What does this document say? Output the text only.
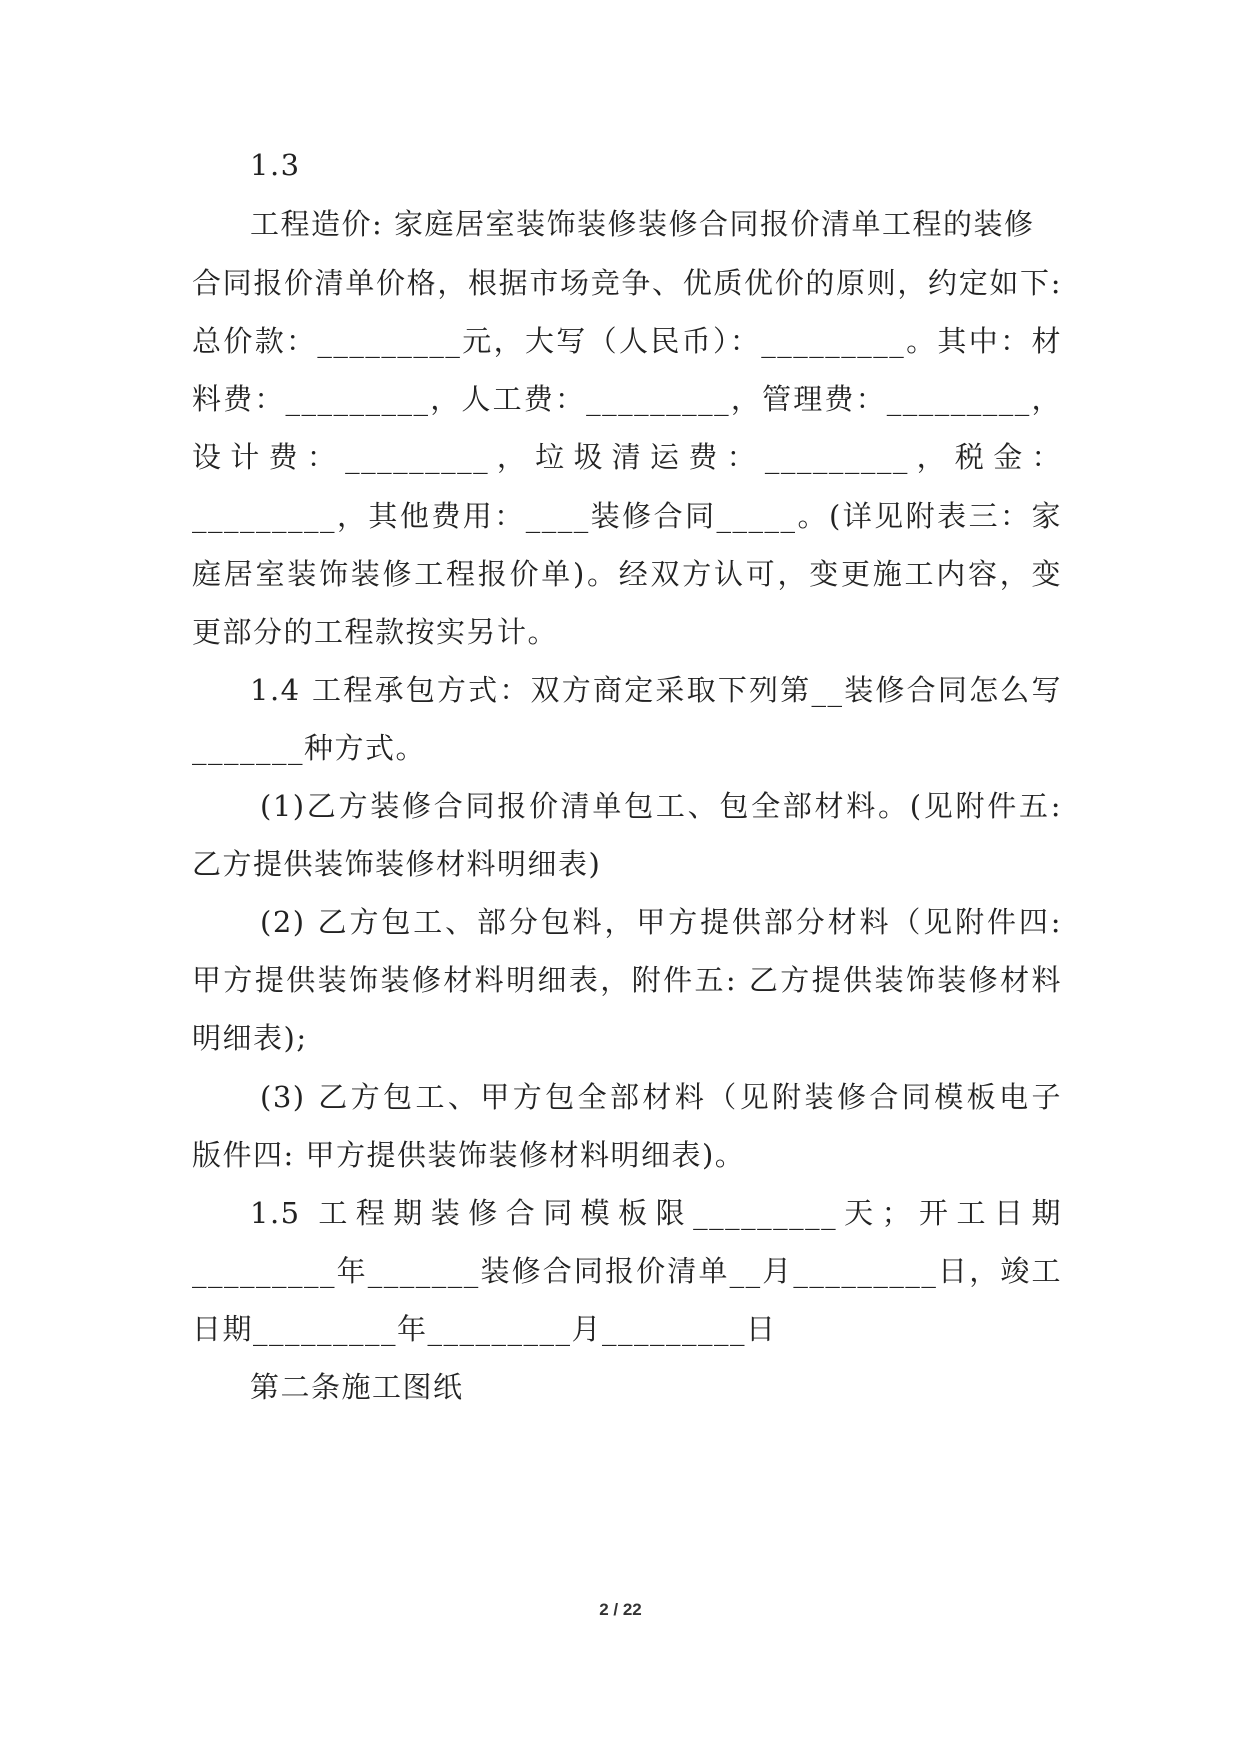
1.3
工程造价: 家庭居室装饰装修装修合同报价清单工程的装修
合同报价清单价格，根据市场竞争、优质优价的原则，约定如下:
总价款：_________元，大写（人民币）：_________。其中：材
料费：_________，人工费：_________，管理费：_________，
设计费：_________，垃圾清运费：_________，税金：
_________，其他费用：____装修合同_____。(详见附表三：家
庭居室装饰装修工程报价单)。经双方认可，变更施工内容，变
更部分的工程款按实另计。
1.4 工程承包方式：双方商定采取下列第__装修合同怎么写
_______种方式。
(1)乙方装修合同报价清单包工、包全部材料。(见附件五:
乙方提供装饰装修材料明细表)
(2) 乙方包工、部分包料，甲方提供部分材料（见附件四:
甲方提供装饰装修材料明细表，附件五: 乙方提供装饰装修材料
明细表);
(3) 乙方包工、甲方包全部材料（见附装修合同模板电子
版件四: 甲方提供装饰装修材料明细表)。
1.5 工程期装修合同模板限_________天；开工日期
_________年_______装修合同报价清单__月_________日，竣工
日期_________年_________月_________日
第二条施工图纸
2 / 22
